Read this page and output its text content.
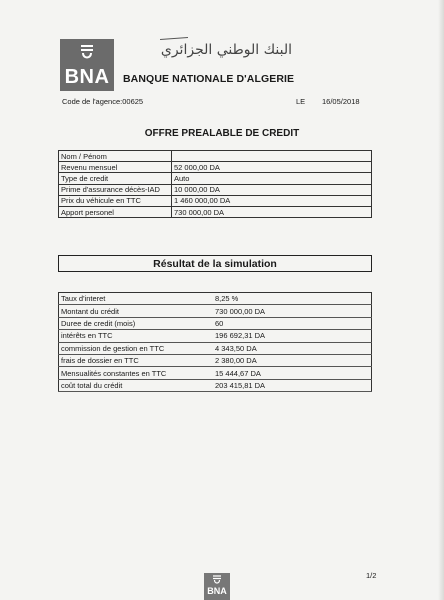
BNA
البنك الوطني الجزائري
BANQUE NATIONALE D'ALGERIE
Code de l'agence:00625	LE 16/05/2018
OFFRE PREALABLE DE CREDIT
Nom / Pénom	
Revenu mensuel	52 000,00 DA
Type de credit	Auto
Prime d'assurance décès-IAD	10 000,00 DA
Prix du véhicule en TTC	1 460 000,00 DA
Apport personel	730 000,00 DA
Résultat de la simulation
Taux d'interet	8,25 %
Montant du crédit	730 000,00 DA
Duree de credit (mois)	60
intérêts en TTC	196 692,31 DA
commission de gestion en TTC	4 343,50 DA
frais de dossier en TTC	2 380,00 DA
Mensualités constantes en TTC	15 444,67 DA
coût total du crédit	203 415,81 DA
BNA
1/2
